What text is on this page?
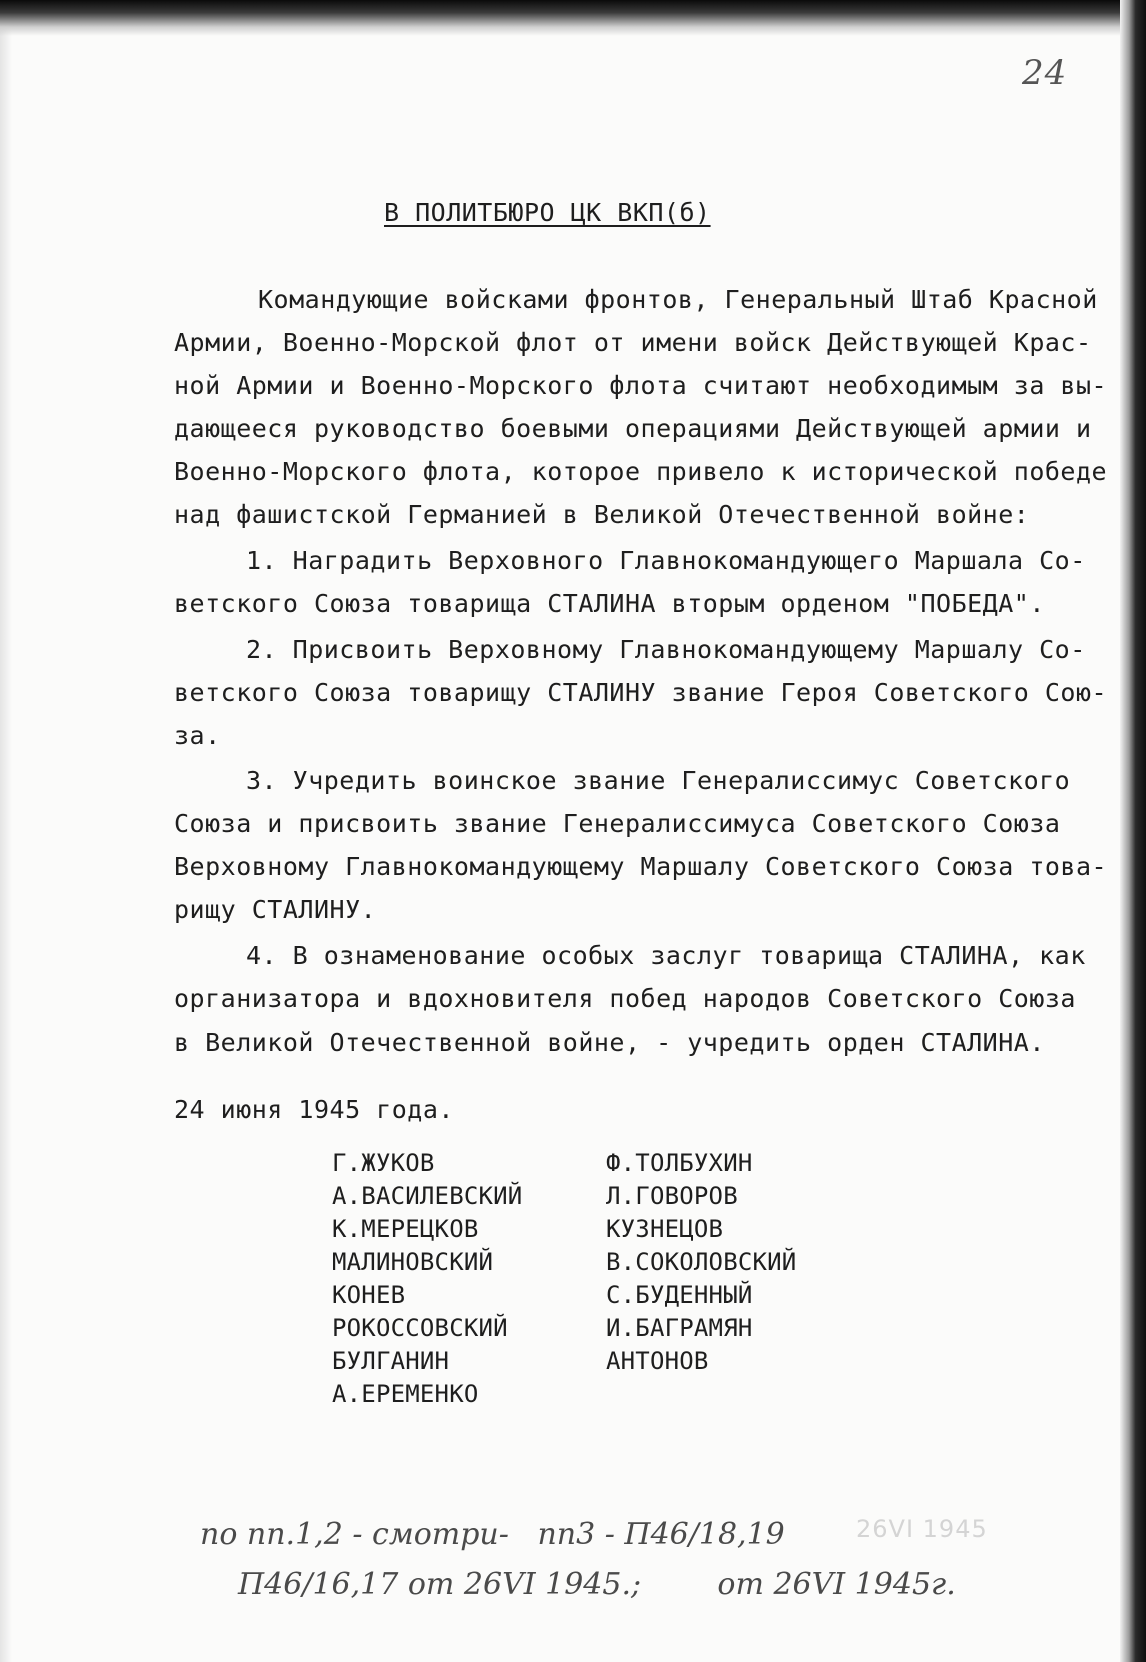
24
В ПОЛИТБЮРО ЦК ВКП(б)
Командующие войсками фронтов, Генеральный Штаб Красной
Армии, Военно-Морской флот от имени войск Действующей Крас-
ной Армии и Военно-Морского флота считают необходимым за вы-
дающееся руководство боевыми операциями Действующей армии и
Военно-Морского флота, которое привело к исторической победе
над фашистской Германией в Великой Отечественной войне:
1. Наградить Верховного Главнокомандующего Маршала Со-
ветского Союза товарища СТАЛИНА вторым орденом "ПОБЕДА".
2. Присвоить Верховному Главнокомандующему Маршалу Со-
ветского Союза товарищу СТАЛИНУ звание Героя Советского Сою-
за.
3. Учредить воинское звание Генералиссимус Советского
Союза и присвоить звание Генералиссимуса Советского Союза
Верховному Главнокомандующему Маршалу Советского Союза това-
рищу СТАЛИНУ.
4. В ознаменование особых заслуг товарища СТАЛИНА, как
организатора и вдохновителя побед народов Советского Союза
в Великой Отечественной войне, - учредить орден СТАЛИНА.
24 июня 1945 года.
Г.ЖУКОВ
А.ВАСИЛЕВСКИЙ
К.МЕРЕЦКОВ
МАЛИНОВСКИЙ
КОНЕВ
РОКОССОВСКИЙ
БУЛГАНИН
А.ЕРЕМЕНКО
Ф.ТОЛБУХИН
Л.ГОВОРОВ
КУЗНЕЦОВ
В.СОКОЛОВСКИЙ
С.БУДЕННЫЙ
И.БАГРАМЯН
АНТОНОВ
26VI 1945
по пп.1,2 - смотри-   пп3 - П46/18,19
П46/16,17 от 26VI 1945.;        от 26VI 1945г.
